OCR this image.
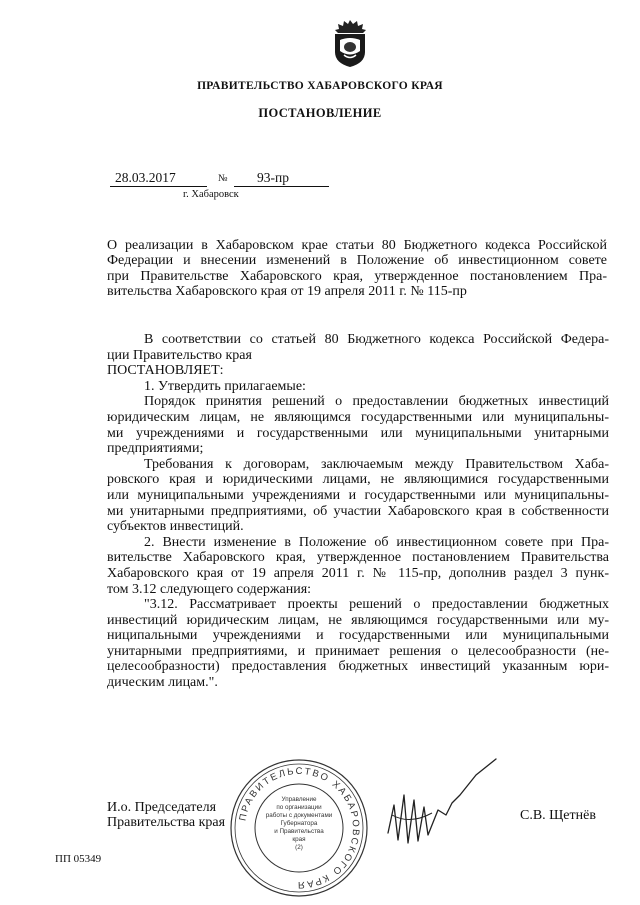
ПРАВИТЕЛЬСТВО ХАБАРОВСКОГО КРАЯ
ПОСТАНОВЛЕНИЕ
28.03.2017	№ 93-пр
г. Хабаровск
О реализации в Хабаровском крае статьи 80 Бюджетного кодекса Российской
Федерации и внесении изменений в Положение об инвестиционном совете
при Правительстве Хабаровского края, утвержденное постановлением Пра-
вительства Хабаровского края от 19 апреля 2011 г. № 115-пр
В соответствии со статьей 80 Бюджетного кодекса Российской Федера-
ции Правительство края
ПОСТАНОВЛЯЕТ:
1. Утвердить прилагаемые:
Порядок принятия решений о предоставлении бюджетных инвестиций
юридическим лицам, не являющимся государственными или муниципальны-
ми учреждениями и государственными или муниципальными унитарными
предприятиями;
Требования к договорам, заключаемым между Правительством Хаба-
ровского края и юридическими лицами, не являющимися государственными
или муниципальными учреждениями и государственными или муниципальны-
ми унитарными предприятиями, об участии Хабаровского края в собственности
субъектов инвестиций.
2. Внести изменение в Положение об инвестиционном совете при Пра-
вительстве Хабаровского края, утвержденное постановлением Правительства
Хабаровского края от 19 апреля 2011 г. № 115-пр, дополнив раздел 3 пунк-
том 3.12 следующего содержания:
"3.12. Рассматривает проекты решений о предоставлении бюджетных
инвестиций юридическим лицам, не являющимся государственными или му-
ниципальными учреждениями и государственными или муниципальными
унитарными предприятиями, и принимает решения о целесообразности (не-
целесообразности) предоставления бюджетных инвестиций указанным юри-
дическим лицам.".
ПРАВИТЕЛЬСТВО ХАБАРОВСКОГО КРАЯ
Управление
по организации
работы с документами
Губернатора
и Правительства
края
(2)
И.о. Председателя
Правительства края	С.В. Щетнёв
ПП 05349
